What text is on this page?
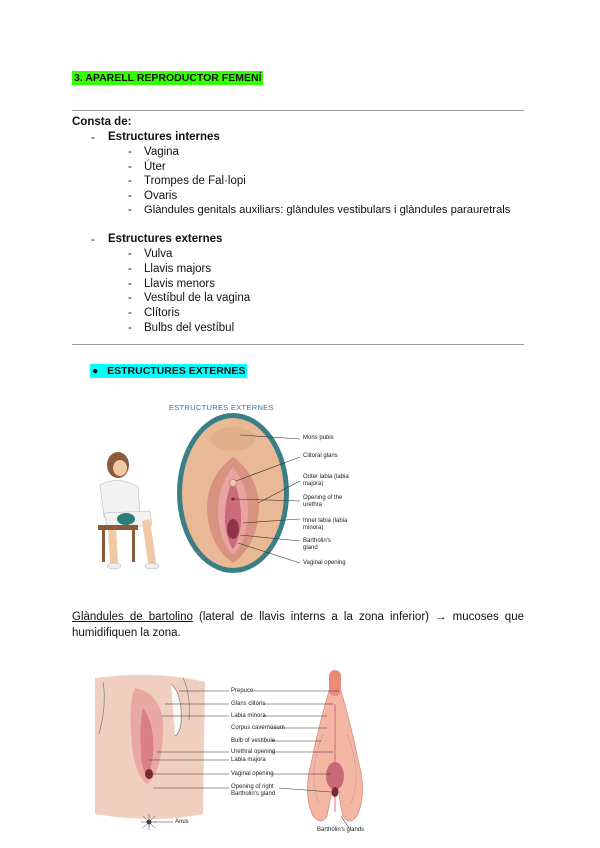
3. APARELL REPRODUCTOR FEMENÍ
Consta de:
- Estructures internes
- Vagina
- Úter
- Trompes de Fal·lopi
- Ovaris
- Glàndules genitals auxiliars: glàndules vestibulars i glàndules parauretrals
- Estructures externes
- Vulva
- Llavis majors
- Llavis menors
- Vestíbul de la vagina
- Clítoris
- Bulbs del vestíbul
● ESTRUCTURES EXTERNES
ESTRUCTURES EXTERNES
Mons pubis
Clitoral glans
Outer labia (labia majora)
Opening of the urethra
Inner labia (labia minora)
Bartholin's gland
Vaginal opening
Glàndules de bartolino (lateral de llavis interns a la zona inferior) → mucoses que humidifiquen la zona.
Prepuce
Glans clitoris
Labia minora
Corpus cavernosum
Bulb of vestibule
Urethral opening
Labia majora
Vaginal opening
Opening of right Bartholin's gland
Anus
Bartholin's glands
